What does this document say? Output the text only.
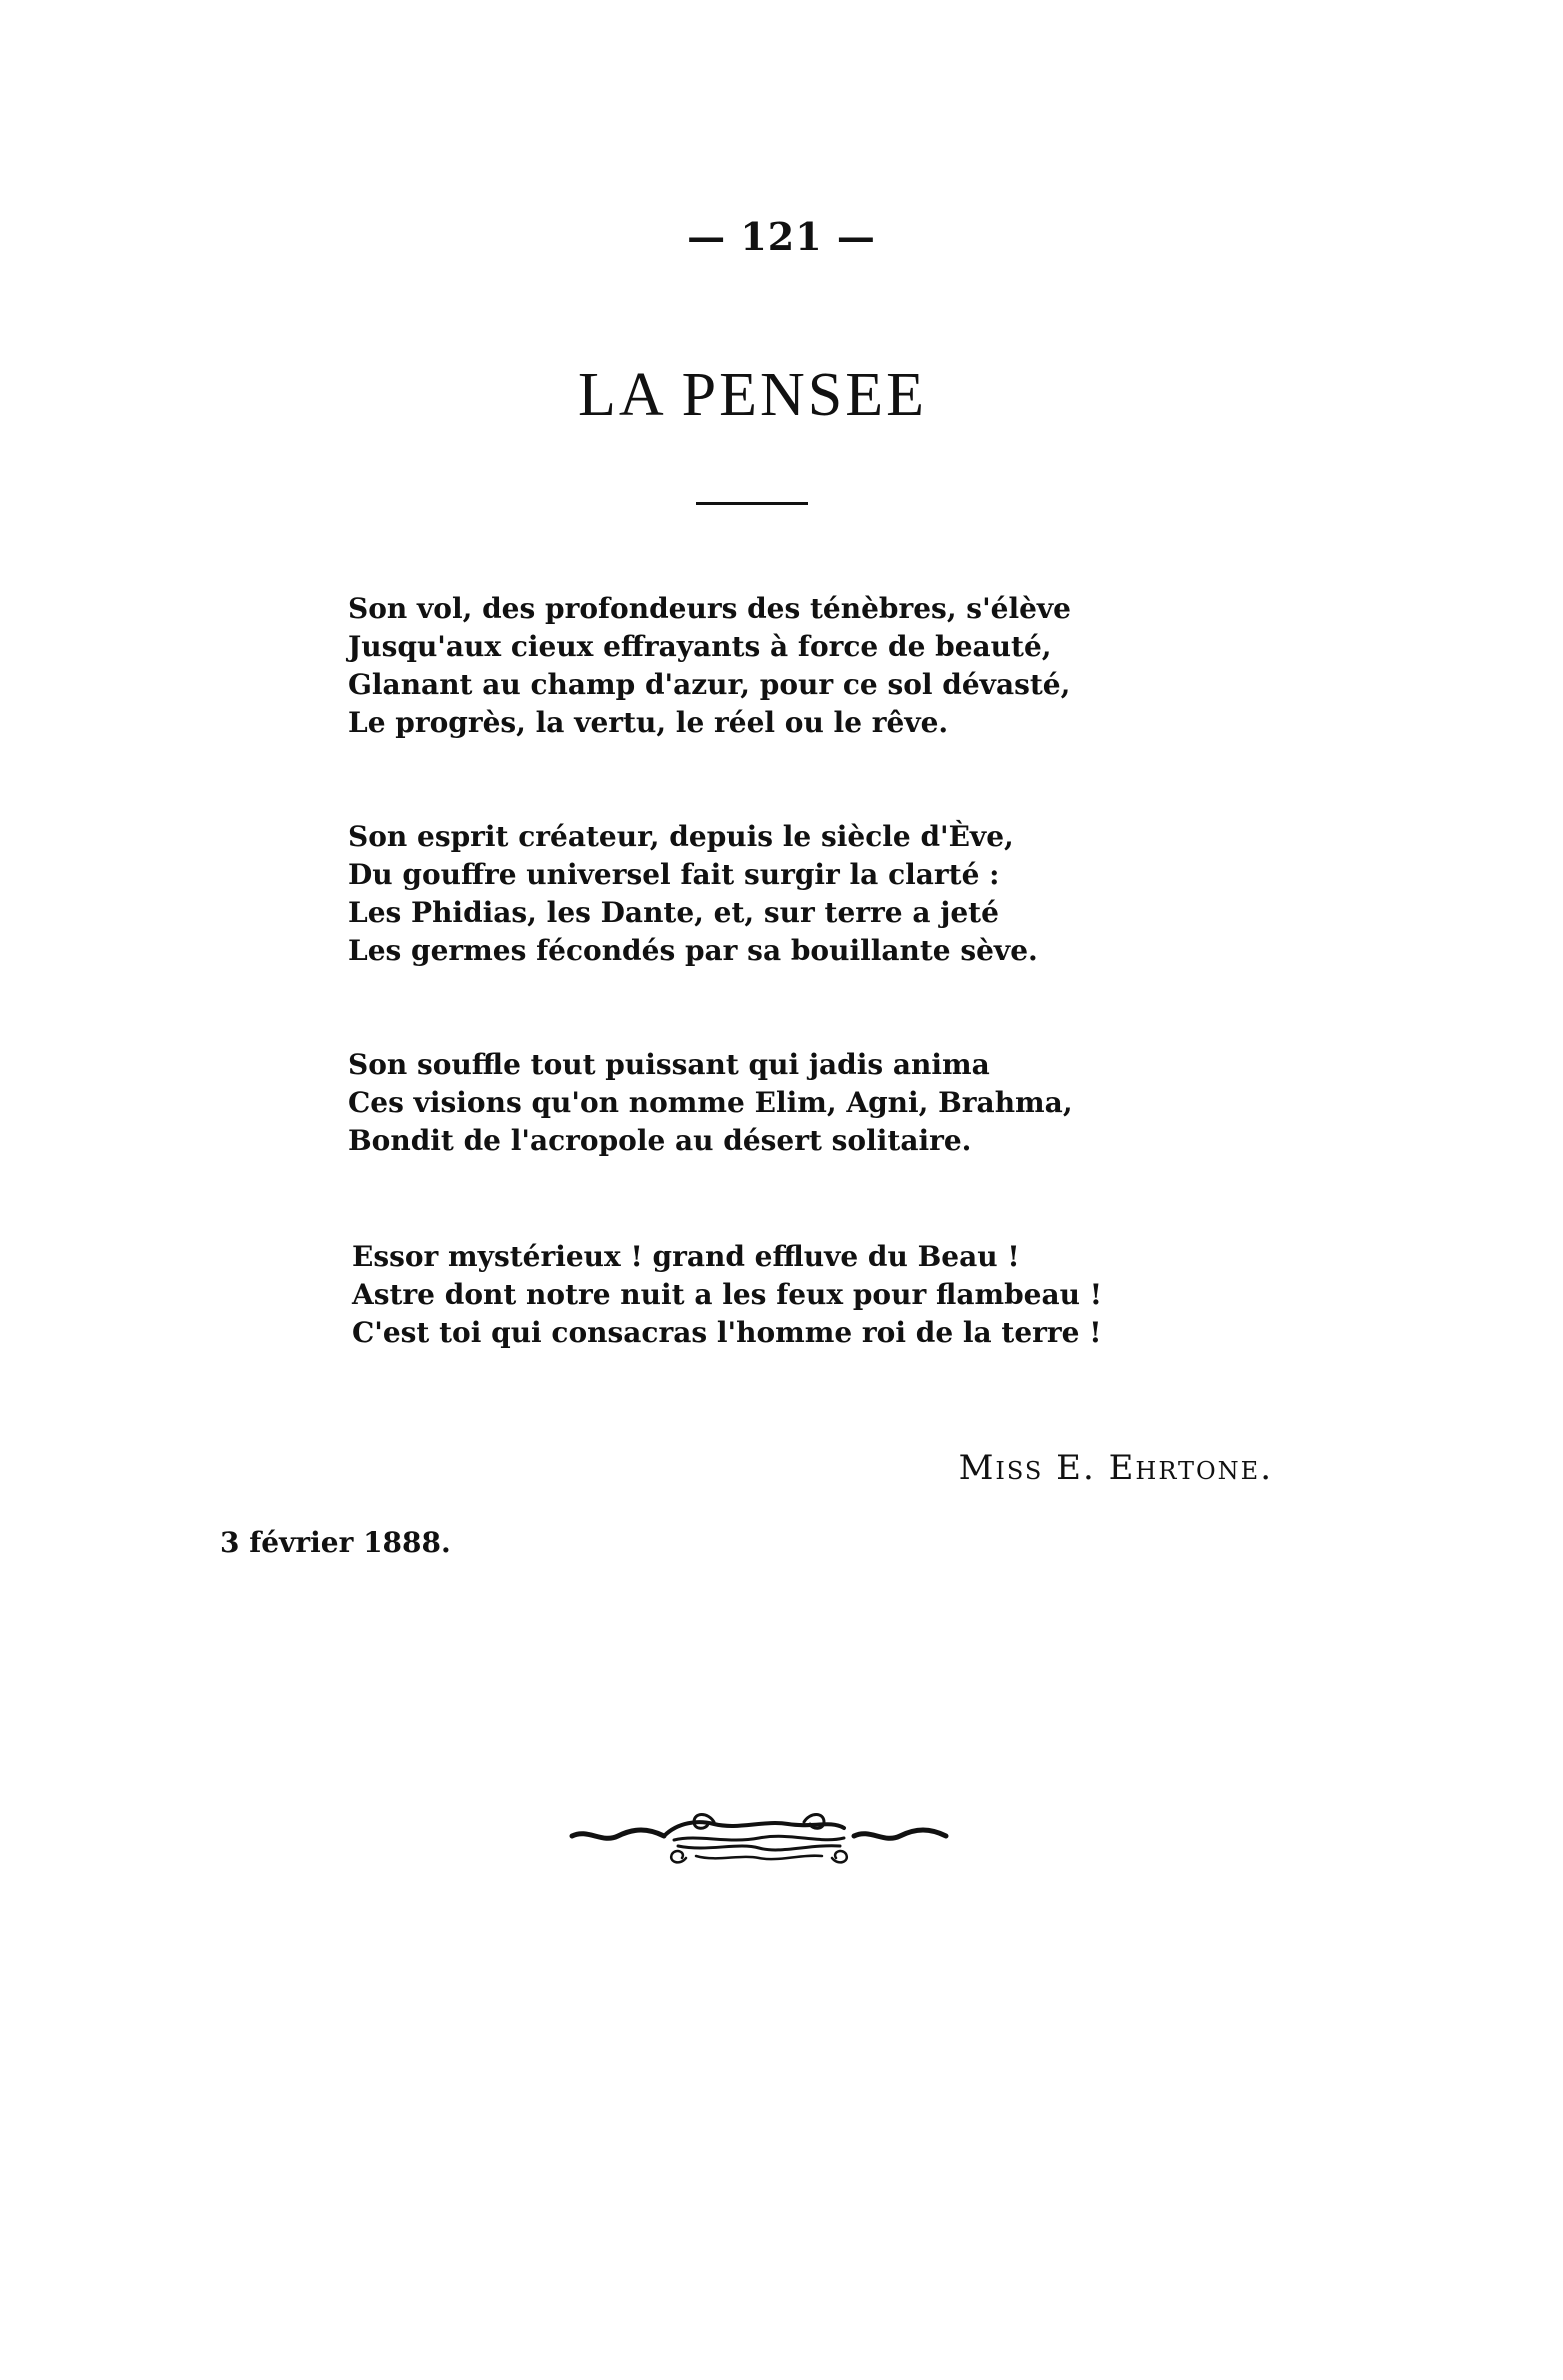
— 121 —
LA PENSEE
Son vol, des profondeurs des ténèbres, s'élève
Jusqu'aux cieux effrayants à force de beauté,
Glanant au champ d'azur, pour ce sol dévasté,
Le progrès, la vertu, le réel ou le rêve.
Son esprit créateur, depuis le siècle d'Ève,
Du gouffre universel fait surgir la clarté :
Les Phidias, les Dante, et, sur terre a jeté
Les germes fécondés par sa bouillante sève.
Son souffle tout puissant qui jadis anima
Ces visions qu'on nomme Elim, Agni, Brahma,
Bondit de l'acropole au désert solitaire.
Essor mystérieux ! grand effluve du Beau !
Astre dont notre nuit a les feux pour flambeau !
C'est toi qui consacras l'homme roi de la terre !
Miss E. Ehrtone.
3 février 1888.
